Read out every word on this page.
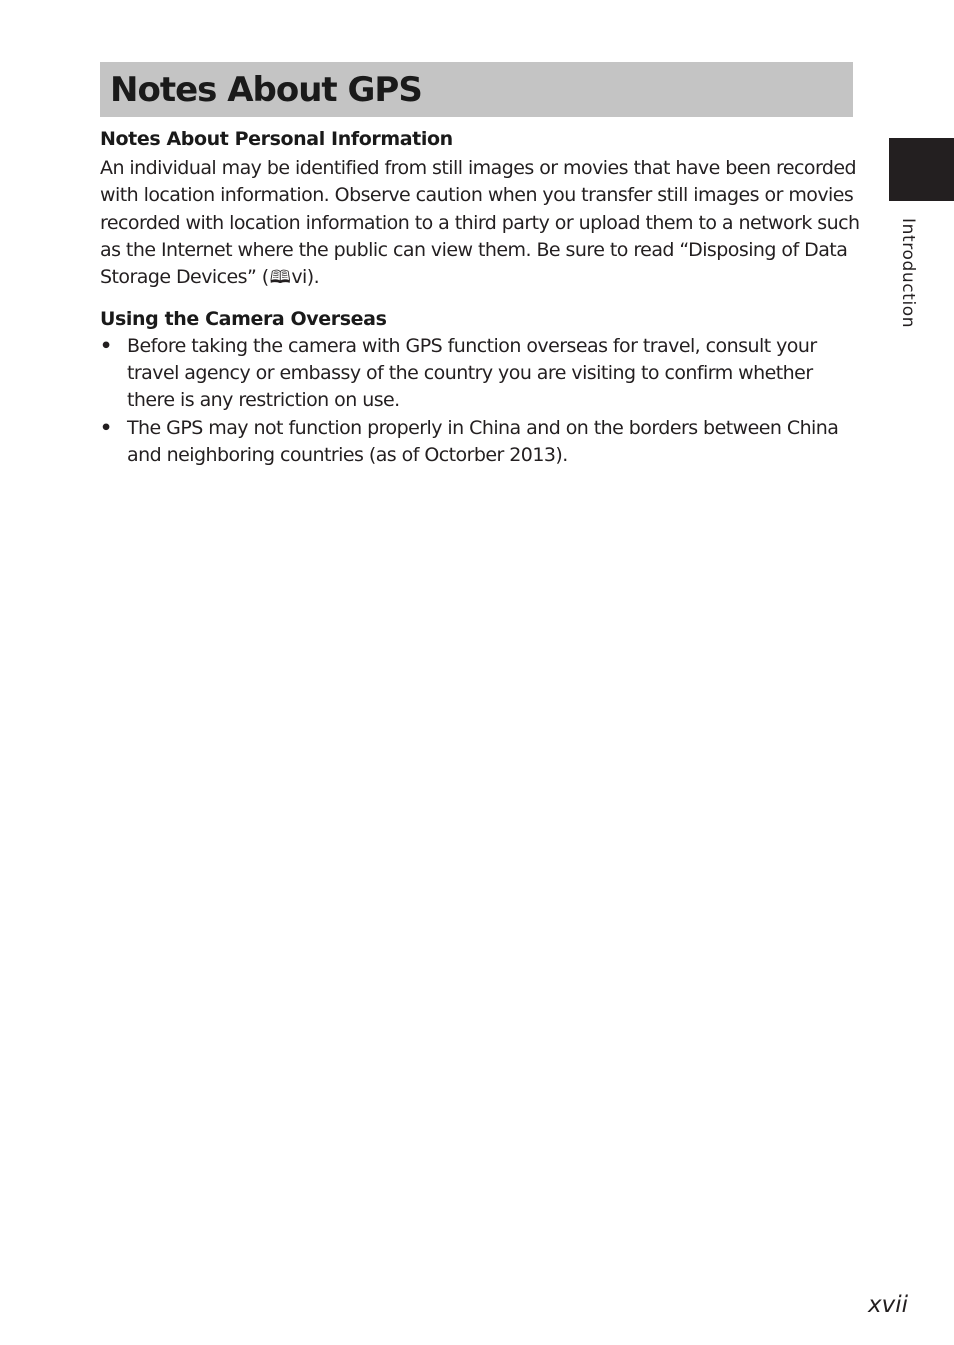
Notes About GPS
Introduction
Notes About Personal Information

An individual may be identified from still images or movies that have been recorded with location information. Observe caution when you transfer still images or movies recorded with location information to a third party or upload them to a network such as the Internet where the public can view them. Be sure to read “Disposing of Data Storage Devices” (🕮vi).

Using the Camera Overseas
• Before taking the camera with GPS function overseas for travel, consult your travel agency or embassy of the country you are visiting to confirm whether there is any restriction on use.
• The GPS may not function properly in China and on the borders between China and neighboring countries (as of Octorber 2013).
xvii
